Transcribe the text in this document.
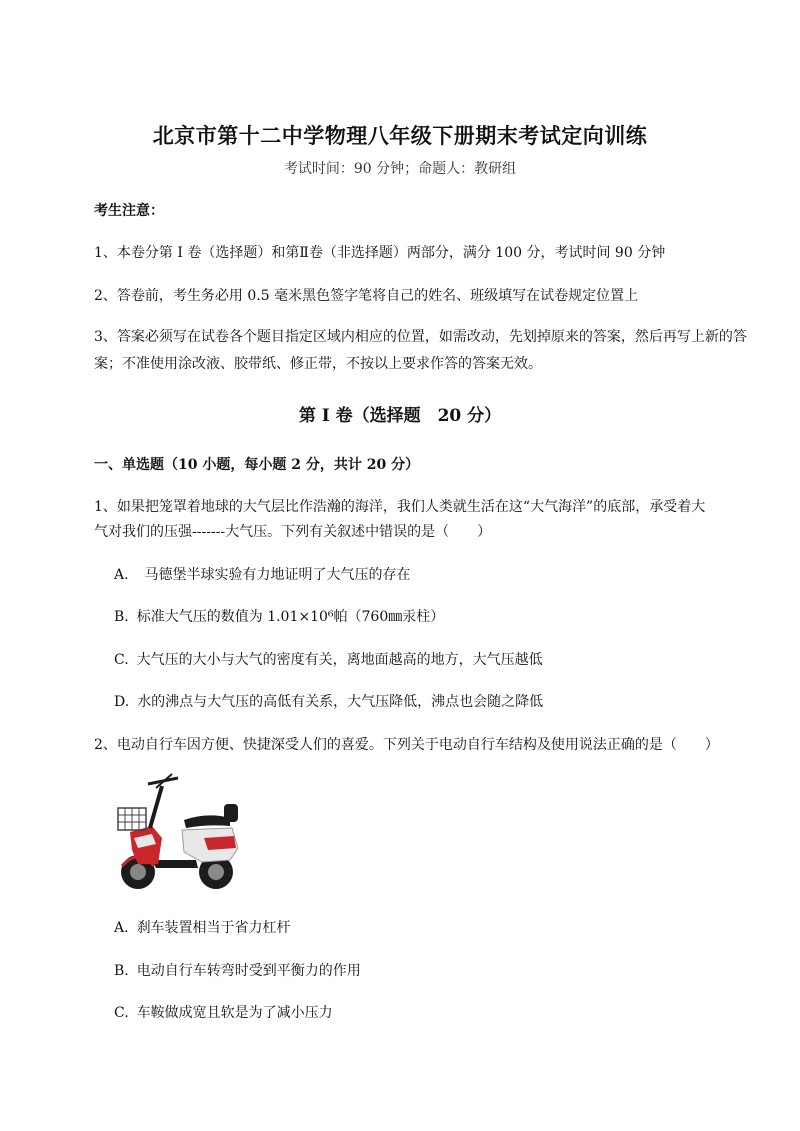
北京市第十二中学物理八年级下册期末考试定向训练
考试时间：90 分钟；命题人：教研组
考生注意：
1、本卷分第 I 卷（选择题）和第Ⅱ卷（非选择题）两部分，满分 100 分，考试时间 90 分钟
2、答卷前，考生务必用 0.5 毫米黑色签字笔将自己的姓名、班级填写在试卷规定位置上
3、答案必须写在试卷各个题目指定区域内相应的位置，如需改动，先划掉原来的答案，然后再写上新的答案；不准使用涂改液、胶带纸、修正带，不按以上要求作答的答案无效。
第 I 卷（选择题　20 分）
一、单选题（10 小题，每小题 2 分，共计 20 分）
1、如果把笼罩着地球的大气层比作浩瀚的海洋，我们人类就生活在这“大气海洋”的底部，承受着大
气对我们的压强-------大气压。下列有关叙述中错误的是（　　）
A. 马德堡半球实验有力地证明了大气压的存在
B. 标准大气压的数值为 1.01×10⁶帕（760㎜汞柱）
C. 大气压的大小与大气的密度有关，离地面越高的地方，大气压越低
D. 水的沸点与大气压的高低有关系，大气压降低，沸点也会随之降低
2、电动自行车因方便、快捷深受人们的喜爱。下列关于电动自行车结构及使用说法正确的是（　　）
A. 刹车装置相当于省力杠杆
B. 电动自行车转弯时受到平衡力的作用
C. 车鞍做成宽且软是为了减小压力
